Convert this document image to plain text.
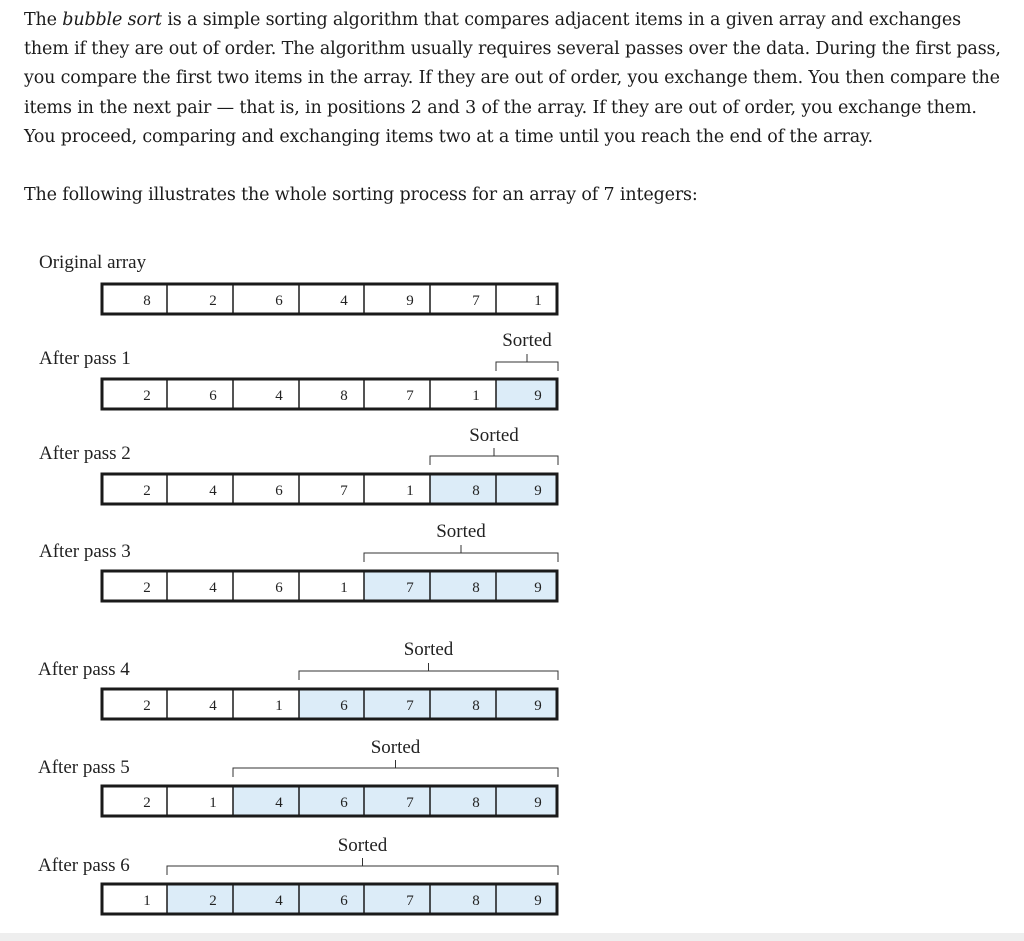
The bubble sort is a simple sorting algorithm that compares adjacent items in a given array and exchanges them if they are out of order. The algorithm usually requires several passes over the data. During the first pass, you compare the first two items in the array. If they are out of order, you exchange them. You then compare the items in the next pair — that is, in positions 2 and 3 of the array. If they are out of order, you exchange them. You proceed, comparing and exchanging items two at a time until you reach the end of the array.

The following illustrates the whole sorting process for an array of 7 integers:

Original array
8	2	6	4	9	7	1
After pass 1
2	6	4	8	7	1	9
Sorted
After pass 2
2	4	6	7	1	8	9
Sorted
After pass 3
2	4	6	1	7	8	9
Sorted
After pass 4
2	4	1	6	7	8	9
Sorted
After pass 5
2	1	4	6	7	8	9
Sorted
After pass 6
1	2	4	6	7	8	9
Sorted
